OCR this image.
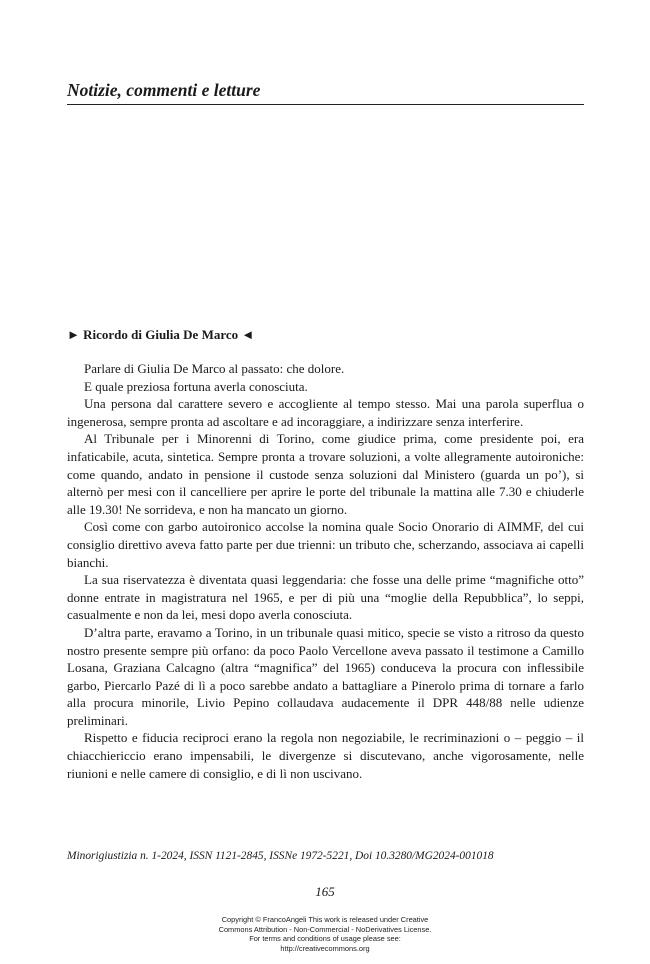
Notizie, commenti e letture
► Ricordo di Giulia De Marco ◄

Parlare di Giulia De Marco al passato: che dolore.

E quale preziosa fortuna averla conosciuta.

Una persona dal carattere severo e accogliente al tempo stesso. Mai una parola superflua o ingenerosa, sempre pronta ad ascoltare e ad incoraggiare, a indirizzare senza interferire.

Al Tribunale per i Minorenni di Torino, come giudice prima, come presidente poi, era infaticabile, acuta, sintetica. Sempre pronta a trovare soluzioni, a volte allegramente autoironiche: come quando, andato in pensione il custode senza soluzioni dal Ministero (guarda un po’), si alternò per mesi con il cancelliere per aprire le porte del tribunale la mattina alle 7.30 e chiuderle alle 19.30! Ne sorrideva, e non ha mancato un giorno.

Così come con garbo autoironico accolse la nomina quale Socio Onorario di AIMMF, del cui consiglio direttivo aveva fatto parte per due trienni: un tributo che, scherzando, associava ai capelli bianchi.

La sua riservatezza è diventata quasi leggendaria: che fosse una delle prime “magnifiche otto” donne entrate in magistratura nel 1965, e per di più una “moglie della Repubblica”, lo seppi, casualmente e non da lei, mesi dopo averla conosciuta.

D’altra parte, eravamo a Torino, in un tribunale quasi mitico, specie se visto a ritroso da questo nostro presente sempre più orfano: da poco Paolo Vercellone aveva passato il testimone a Camillo Losana, Graziana Calcagno (altra “magnifica” del 1965) conduceva la procura con inflessibile garbo, Piercarlo Pazé di lì a poco sarebbe andato a battagliare a Pinerolo prima di tornare a farlo alla procura minorile, Livio Pepino collaudava audacemente il DPR 448/88 nelle udienze preliminari.

Rispetto e fiducia reciproci erano la regola non negoziabile, le recriminazioni o – peggio – il chiacchiericcio erano impensabili, le divergenze si discutevano, anche vigorosamente, nelle riunioni e nelle camere di consiglio, e di lì non uscivano.

Minorigiustizia n. 1-2024, ISSN 1121-2845, ISSNe 1972-5221, Doi 10.3280/MG2024-001018
165
Copyright © FrancoAngeli This work is released under Creative
Commons Attribution - Non-Commercial - NoDerivatives License.
For terms and conditions of usage please see:
http://creativecommons.org
